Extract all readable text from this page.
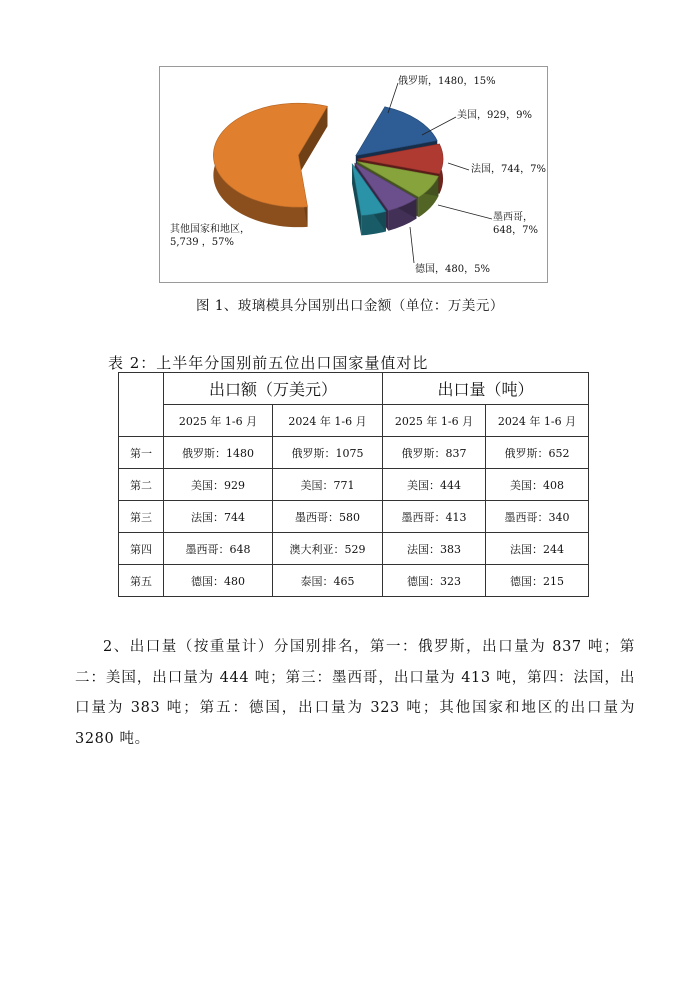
俄罗斯，1480，15%
美国，929，9%
法国，744，7%
墨西哥，
648，7%
德国，480，5%
其他国家和地区，
5,739 ，57%
图 1、玻璃模具分国别出口金额（单位：万美元）
表 2：上半年分国别前五位出口国家量值对比
	出口额（万美元）		出口量（吨）	
	2025 年 1-6 月	2024 年 1-6 月	2025 年 1-6 月	2024 年 1-6 月
第一	俄罗斯：1480	俄罗斯：1075	俄罗斯：837	俄罗斯：652
第二	美国：929	美国：771	美国：444	美国：408
第三	法国：744	墨西哥：580	墨西哥：413	墨西哥：340
第四	墨西哥：648	澳大利亚：529	法国：383	法国：244
第五	德国：480	泰国：465	德国：323	德国：215
2、出口量（按重量计）分国别排名，第一：俄罗斯，出口量为 837 吨；第二：美国，出口量为 444 吨；第三：墨西哥，出口量为 413 吨，第四：法国，出口量为 383 吨；第五：德国，出口量为 323 吨；其他国家和地区的出口量为 3280 吨。
